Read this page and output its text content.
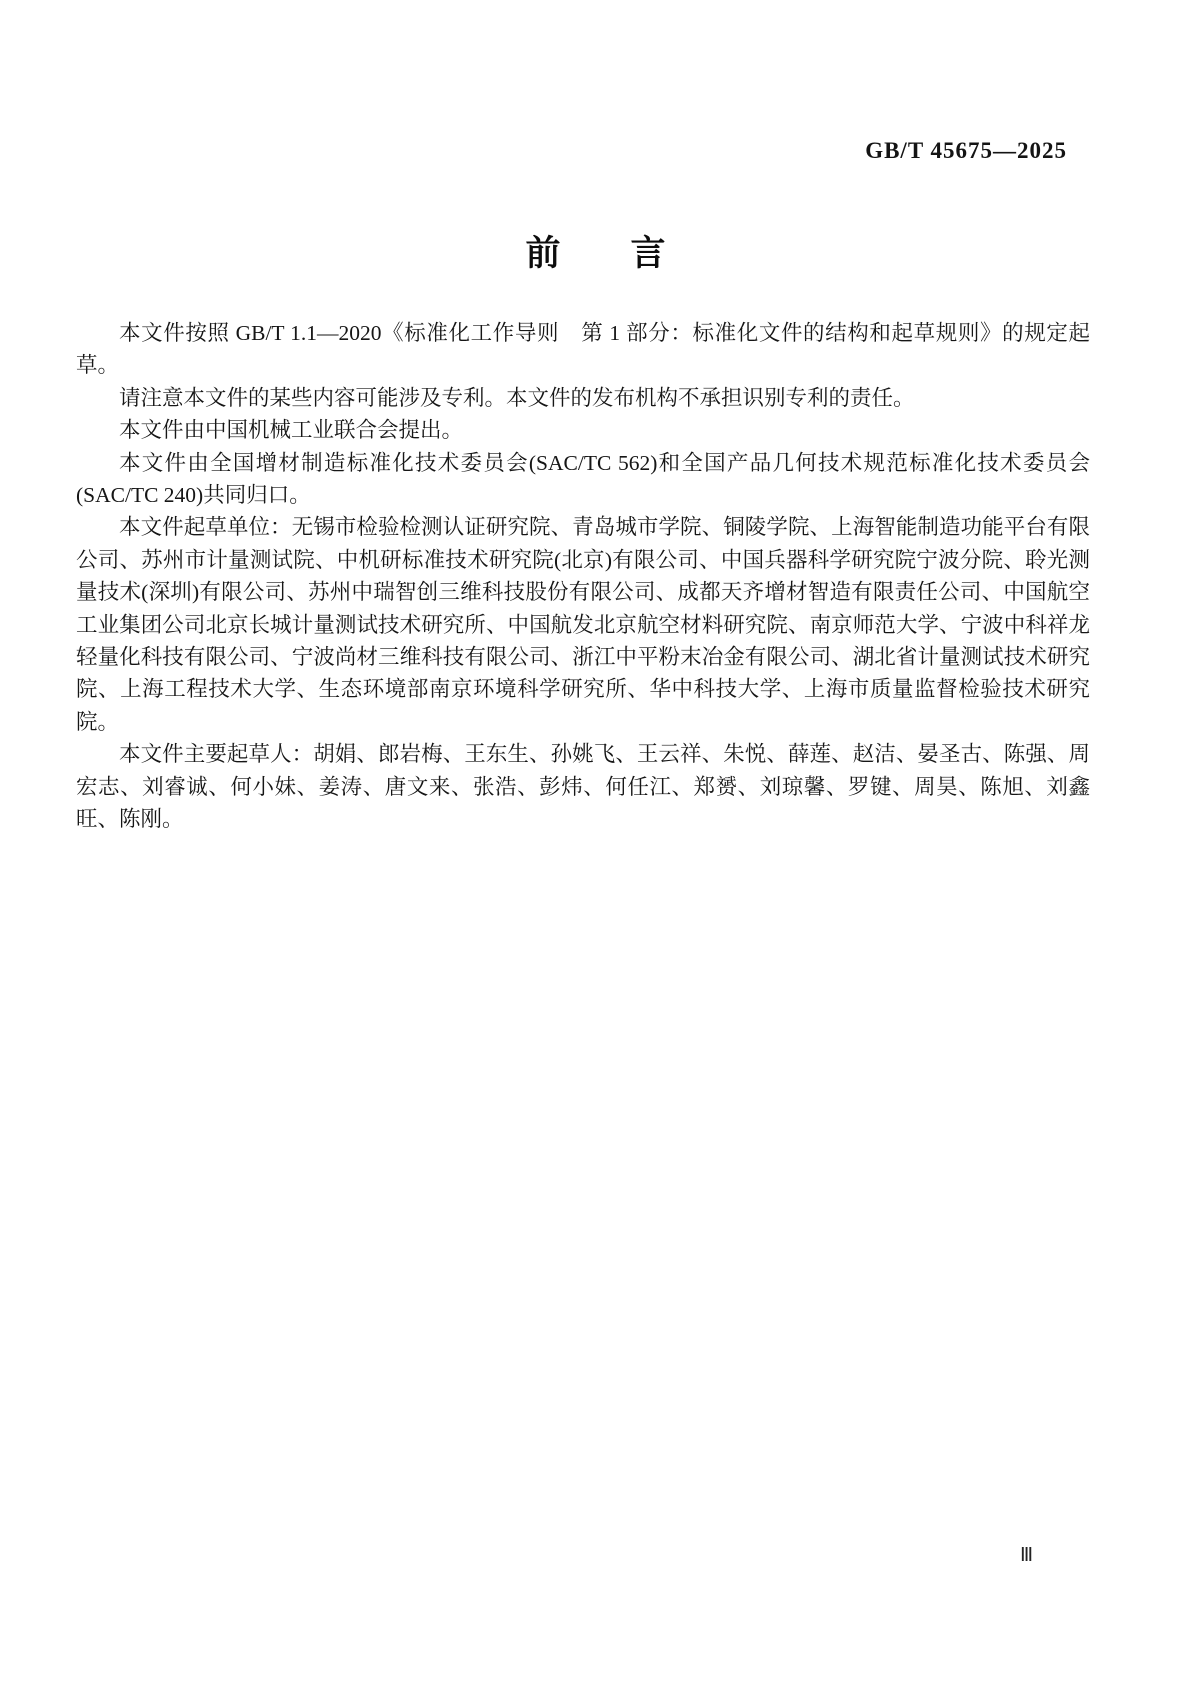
GB/T 45675—2025
前　　言

本文件按照 GB/T 1.1—2020《标准化工作导则　第 1 部分：标准化文件的结构和起草规则》的规定起草。

请注意本文件的某些内容可能涉及专利。本文件的发布机构不承担识别专利的责任。

本文件由中国机械工业联合会提出。

本文件由全国增材制造标准化技术委员会(SAC/TC 562)和全国产品几何技术规范标准化技术委员会(SAC/TC 240)共同归口。

本文件起草单位：无锡市检验检测认证研究院、青岛城市学院、铜陵学院、上海智能制造功能平台有限公司、苏州市计量测试院、中机研标准技术研究院(北京)有限公司、中国兵器科学研究院宁波分院、聆光测量技术(深圳)有限公司、苏州中瑞智创三维科技股份有限公司、成都天齐增材智造有限责任公司、中国航空工业集团公司北京长城计量测试技术研究所、中国航发北京航空材料研究院、南京师范大学、宁波中科祥龙轻量化科技有限公司、宁波尚材三维科技有限公司、浙江中平粉末冶金有限公司、湖北省计量测试技术研究院、上海工程技术大学、生态环境部南京环境科学研究所、华中科技大学、上海市质量监督检验技术研究院。

本文件主要起草人：胡娟、郎岩梅、王东生、孙姚飞、王云祥、朱悦、薛莲、赵洁、晏圣古、陈强、周宏志、刘睿诚、何小妹、姜涛、唐文来、张浩、彭炜、何任江、郑赟、刘琼馨、罗键、周昊、陈旭、刘鑫旺、陈刚。

Ⅲ
